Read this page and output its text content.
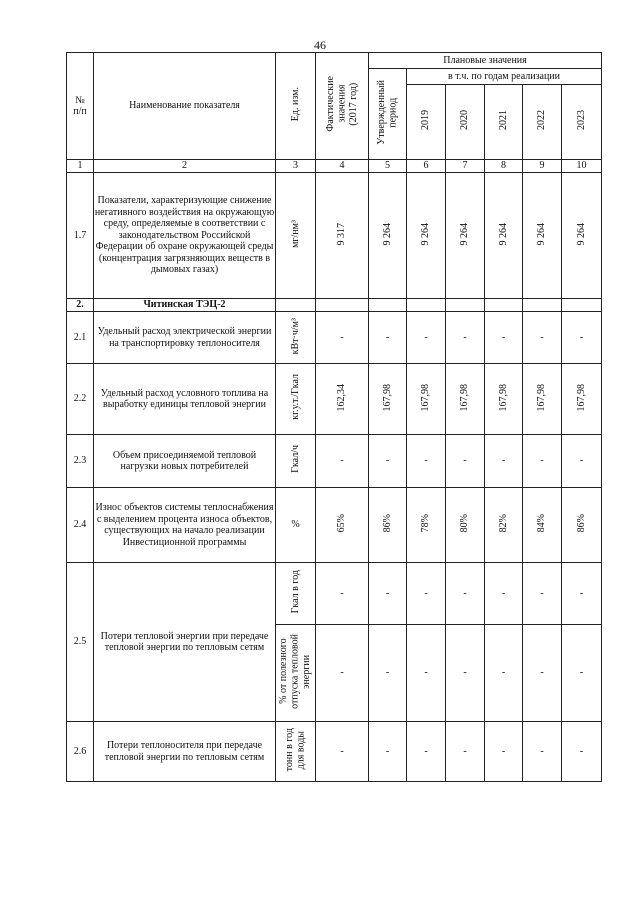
46
№
п/п	Наименование показателя	Ед. изм.	Фактические
значения
(2017 год)	Плановые значения					
				Утвержденный
период	в т.ч. по годам реализации				
					2019	2020	2021	2022	2023
1	2	3	4	5	6	7	8	9	10
1.7	Показатели, характеризующие снижение негативного воздействия на окружающую среду, определяемые в соответствии с законодательством Российской Федерации об охране окружающей среды (концентрация загрязняющих веществ в дымовых газах)	мг/нм³	9 317	9 264	9 264	9 264	9 264	9 264	9 264
2.	Читинская ТЭЦ-2								
2.1	Удельный расход электрической энергии на транспортировку теплоносителя	кВт·ч/м³	-	-	-	-	-	-	-
2.2	Удельный расход условного топлива на выработку единицы тепловой энергии	кг.у.т./Гкал	162,34	167,98	167,98	167,98	167,98	167,98	167,98
2.3	Объем присоединяемой тепловой нагрузки новых потребителей	Гкал/ч	-	-	-	-	-	-	-
2.4	Износ объектов системы теплоснабжения с выделением процента износа объектов, существующих на начало реализации Инвестиционной программы	%	65%	86%	78%	80%	82%	84%	86%
2.5	Потери тепловой энергии при передаче тепловой энергии по тепловым сетям	Гкал в год	-	-	-	-	-	-	-
		% от полезного
отпуска тепловой
энергии	-	-	-	-	-	-	-
2.6	Потери теплоносителя при передаче тепловой энергии по тепловым сетям	тонн в год
для воды	-	-	-	-	-	-	-
